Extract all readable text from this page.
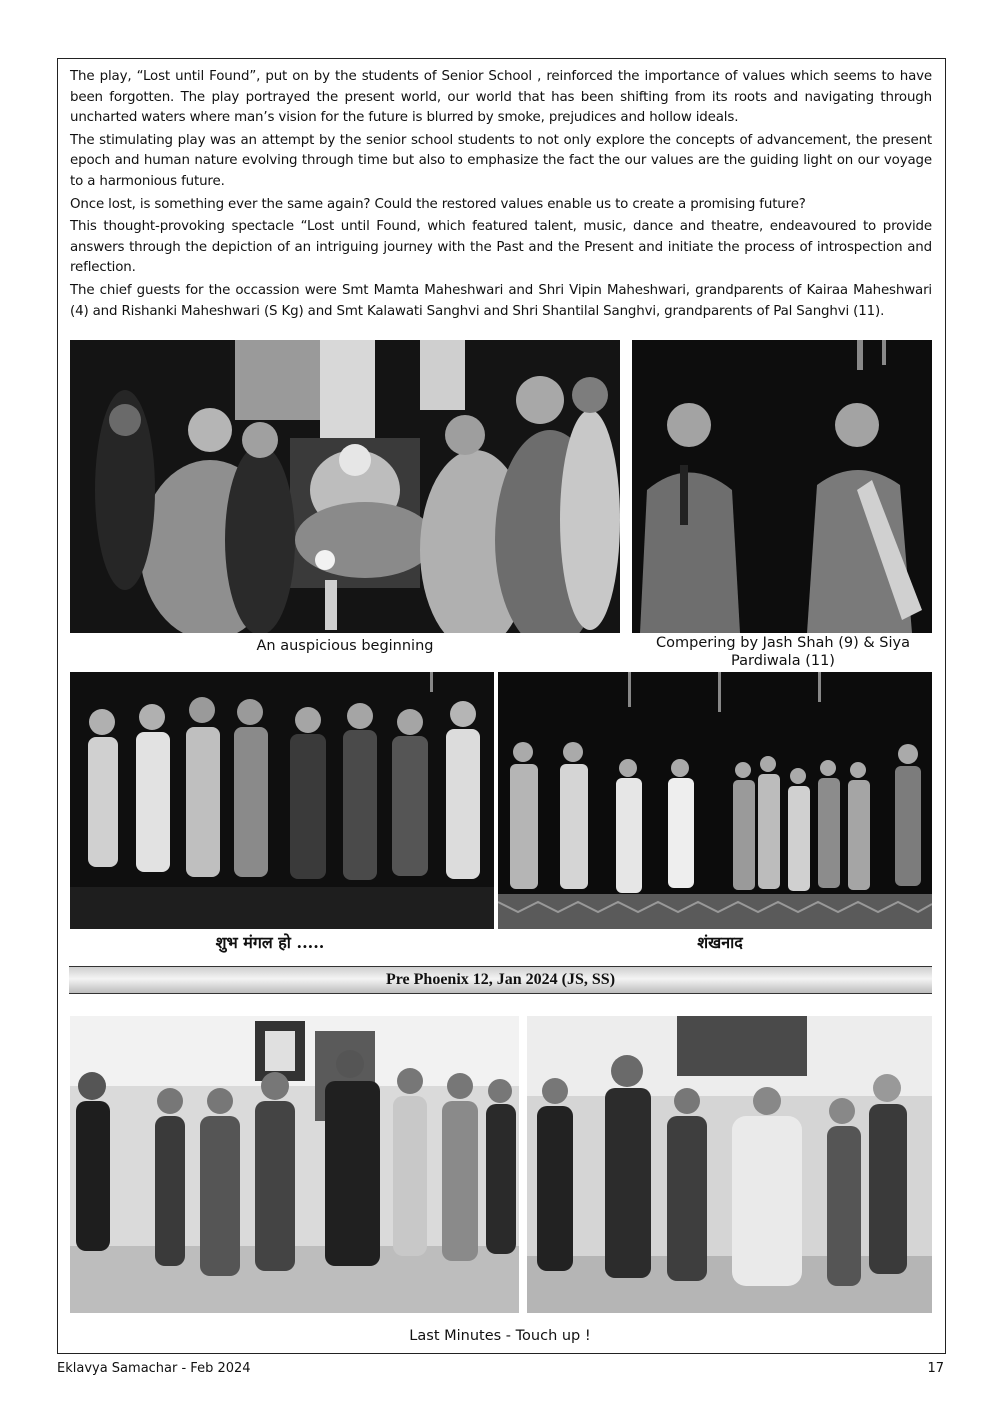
The play, “Lost until Found”, put on by the students of Senior School , reinforced the importance of values which seems to have been forgotten. The play portrayed the present world, our world that has been shifting from its roots and navigating through uncharted waters where man’s vision for the future is blurred by smoke, prejudices and hollow ideals.

The stimulating play was an attempt by the senior school students to not only explore the concepts of advancement, the present epoch and human nature evolving through time but also to emphasize the fact the our values are the guiding light on our voyage to a harmonious future.

Once lost, is something ever the same again? Could the restored values enable us to create a promising future?

This thought-provoking spectacle “Lost until Found, which featured talent, music, dance and theatre, endeavoured to provide answers through the depiction of an intriguing journey with the Past and the Present and initiate the process of introspection and reflection.

The chief guests for the occassion were Smt Mamta Maheshwari and Shri Vipin Maheshwari, grandparents of Kairaa Maheshwari (4) and Rishanki Maheshwari (S Kg) and Smt Kalawati Sanghvi and Shri Shantilal Sanghvi, grandparents of Pal Sanghvi (11).

An auspicious beginning	Compering by Jash Shah (9) & Siya Pardiwala (11)
शुभ मंगल हो .....	शंखनाद
Pre Phoenix 12, Jan 2024 (JS, SS)
Last Minutes - Touch up !
Eklavya Samachar - Feb 2024	17
